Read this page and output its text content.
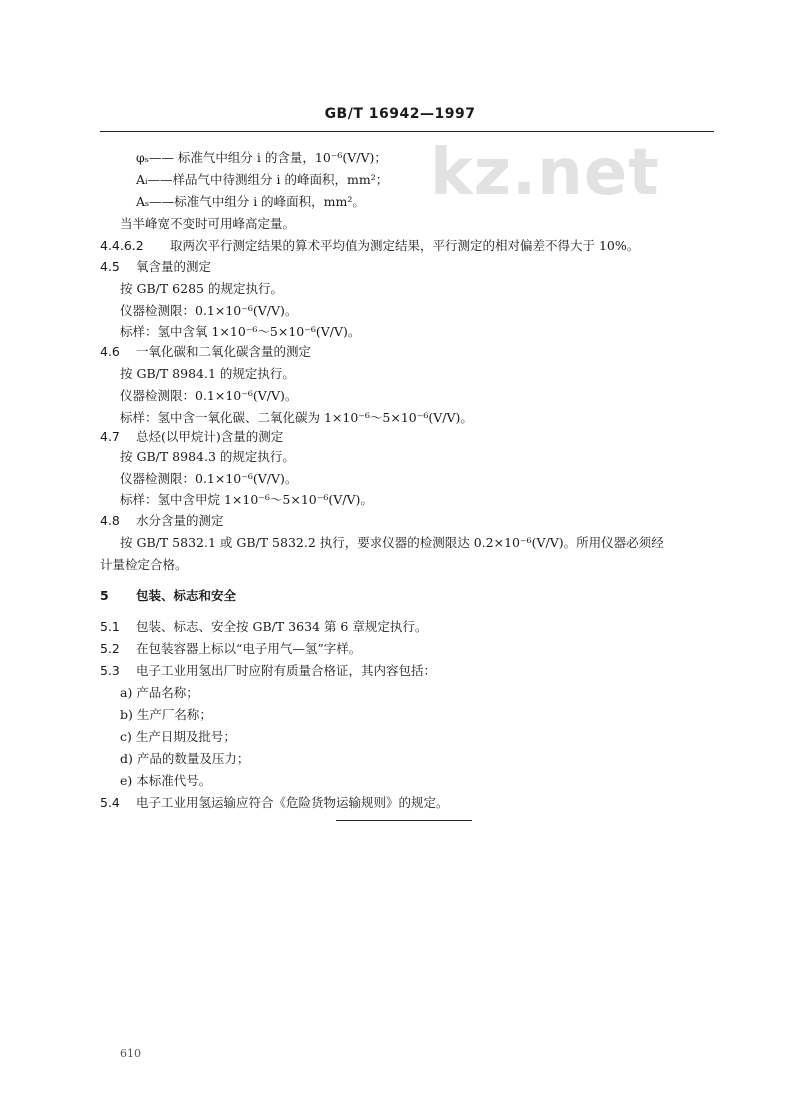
kz.net
GB/T 16942—1997
φₛ—— 标准气中组分 i 的含量，10⁻⁶(V/V)；
Aᵢ——样品气中待测组分 i 的峰面积，mm²；
Aₛ——标准气中组分 i 的峰面积，mm²。
当半峰宽不变时可用峰高定量。
4.4.6.2 取两次平行测定结果的算术平均值为测定结果，平行测定的相对偏差不得大于 10%。
4.5 氧含量的测定
按 GB/T 6285 的规定执行。
仪器检测限：0.1×10⁻⁶(V/V)。
标样：氢中含氧 1×10⁻⁶～5×10⁻⁶(V/V)。
4.6 一氧化碳和二氧化碳含量的测定
按 GB/T 8984.1 的规定执行。
仪器检测限：0.1×10⁻⁶(V/V)。
标样：氢中含一氧化碳、二氧化碳为 1×10⁻⁶～5×10⁻⁶(V/V)。
4.7 总烃(以甲烷计)含量的测定
按 GB/T 8984.3 的规定执行。
仪器检测限：0.1×10⁻⁶(V/V)。
标样：氢中含甲烷 1×10⁻⁶～5×10⁻⁶(V/V)。
4.8 水分含量的测定
按 GB/T 5832.1 或 GB/T 5832.2 执行，要求仪器的检测限达 0.2×10⁻⁶(V/V)。所用仪器必须经
计量检定合格。
5 包装、标志和安全
5.1 包装、标志、安全按 GB/T 3634 第 6 章规定执行。
5.2 在包装容器上标以“电子用气—氢”字样。
5.3 电子工业用氢出厂时应附有质量合格证，其内容包括：
a) 产品名称；
b) 生产厂名称；
c) 生产日期及批号；
d) 产品的数量及压力；
e) 本标准代号。
5.4 电子工业用氢运输应符合《危险货物运输规则》的规定。
610
